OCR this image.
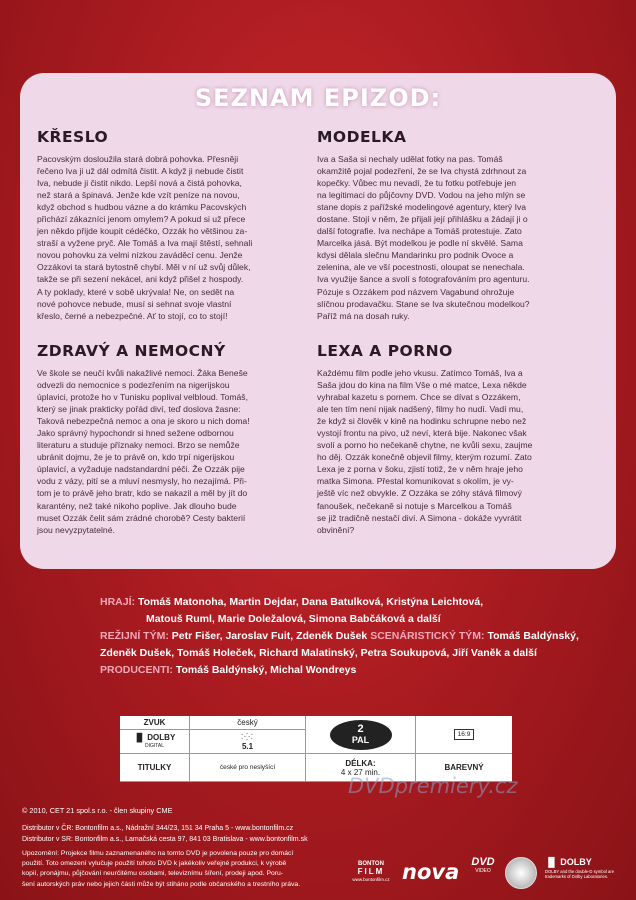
SEZNAM EPIZOD:
KŘESLO
Pacovským dosloužila stará dobrá pohovka. Přesněji
řečeno Iva ji už dál odmítá čistit. A když ji nebude čistit
Iva, nebude ji čistit nikdo. Lepší nová a čistá pohovka,
než stará a špinavá. Jenže kde vzít peníze na novou,
když obchod s hudbou vázne a do krámku Pacovských
přichází zákazníci jenom omylem? A pokud si už přece
jen někdo přijde koupit cédéčko, Ozzák ho většinou za-
straší a vyžene pryč. Ale Tomáš a Iva mají štěstí, sehnali
novou pohovku za velmi nízkou zaváděcí cenu. Jenže
Ozzákovi ta stará bytostně chybí. Měl v ní už svůj důlek,
takže se při sezení nekácel, ani když přišel z hospody.
A ty poklady, které v sobě ukrývala! Ne, on sedět na
nové pohovce nebude, musí si sehnat svoje vlastní
křeslo, černé a nebezpečné. Ať to stojí, co to stojí!
MODELKA
Iva a Saša si nechaly udělat fotky na pas. Tomáš
okamžitě pojal podezření, že se Iva chystá zdrhnout za
kopečky. Vůbec mu nevadí, že tu fotku potřebuje jen
na legitimaci do půjčovny DVD. Vodou na jeho mlýn se
stane dopis z pařížské modelingové agentury, který Iva
dostane. Stojí v něm, že přijali její přihlášku a žádají ji o
další fotografie. Iva nechápe a Tomáš protestuje. Zato
Marcelka jásá. Být modelkou je podle ní skvělé. Sama
kdysi dělala slečnu Mandarinku pro podnik Ovoce a
zelenina, ale ve vší pocestnosti, oloupat se nenechala.
Iva využije šance a svolí s fotografováním pro agenturu.
Pózuje s Ozzákem pod názvem Vagabund ohrožuje
slíčnou prodavačku. Stane se Iva skutečnou modelkou?
Paříž má na dosah ruky.
ZDRAVÝ A NEMOCNÝ
Ve škole se neučí kvůli nakažlivé nemoci. Žáka Beneše
odvezli do nemocnice s podezřením na nigerijskou
úplavici, protože ho v Tunisku poplival velbloud. Tomáš,
který se jinak prakticky pořád diví, teď doslova žasne:
Taková nebezpečná nemoc a ona je skoro u nich doma!
Jako správný hypochondr si hned sežene odbornou
literaturu a studuje příznaky nemoci. Brzo se nemůže
ubránit dojmu, že je to právě on, kdo trpí nigerijskou
úplavicí, a vyžaduje nadstandardní péči. Že Ozzák pije
vodu z vázy, pití se a mluví nesmysly, ho nezajímá. Při-
tom je to právě jeho bratr, kdo se nakazil a měl by jít do
karantény, než také nikoho poplive. Jak dlouho bude
muset Ozzák čelit sám zrádné chorobě? Cesty bakterií
jsou nevyzpytatelné.
LEXA A PORNO
Každému film podle jeho vkusu. Zatímco Tomáš, Iva a
Saša jdou do kina na film Vše o mé matce, Lexa někde
vyhrabal kazetu s pornem. Chce se dívat s Ozzákem,
ale ten tím není nijak nadšený, filmy ho nudí. Vadí mu,
že když si člověk v kině na hodinku schrupne nebo než
vystojí frontu na pivo, už neví, která bije. Nakonec však
svolí a porno ho nečekaně chytne, ne kvůli sexu, zaujme
ho děj. Ozzák konečně objevil filmy, kterým rozumí. Zato
Lexa je z porna v šoku, zjistí totiž, že v něm hraje jeho
matka Simona. Přestal komunikovat s okolím, je vy-
ještě víc než obvykle. Z Ozzáka se zóhy stává filmový
fanoušek, nečekaně si notuje s Marcelkou a Tomáš
se již tradičně nestačí diví. A Simona - dokáže vyvrátit
obvinění?
HRAJÍ: Tomáš Matonoha, Martin Dejdar, Dana Batulková, Kristýna Leichtová,
Matouš Ruml, Marie Doležalová, Simona Babčáková a další
REŽIJNÍ TÝM: Petr Fišer, Jaroslav Fuit, Zdeněk Dušek SCENÁRISTICKÝ TÝM: Tomáš Baldýnský,
Zdeněk Dušek, Tomáš Holeček, Richard Malatinský, Petra Soukupová, Jiří Vaněk a další
PRODUCENTI: Tomáš Baldýnský, Michal Wondreys
ZVUK	český
▐▌ DOLBY
DIGITAL
⁚⁛⁚
5.1
TITULKY	české pro neslyšící
2
PAL
DÉLKA:
4 x 27 min.
16:9
BAREVNÝ
DVDpremiery.cz
© 2010, CET 21 spol.s r.o. - člen skupiny CME
Distributor v ČR: Bontonfilm a.s., Nádražní 344/23, 151 34 Praha 5 - www.bontonfilm.cz
Distributor v SR: Bontonfilm a.s., Lamačská cesta 97, 841 03 Bratislava - www.bontonfilm.sk
Upozornění: Projekce filmu zaznamenaného na tomto DVD je povolena pouze pro domácí
použití. Toto omezení vylučuje použití tohoto DVD k jakékoliv veřejné produkci, k výrobě
kopií, pronájmu, půjčování neurčitému osobami, televiznímu šíření, prodeji apod. Poru-
šení autorských práv nebo jejich části může být stiháno podle občanského a trestního práva.
BONTON
FILM
www.bontonfilm.cz nova DVD
VIDEO
▐▌ DOLBY
DOLBY and the double-D symbol are trademarks of Dolby Laboratories.
